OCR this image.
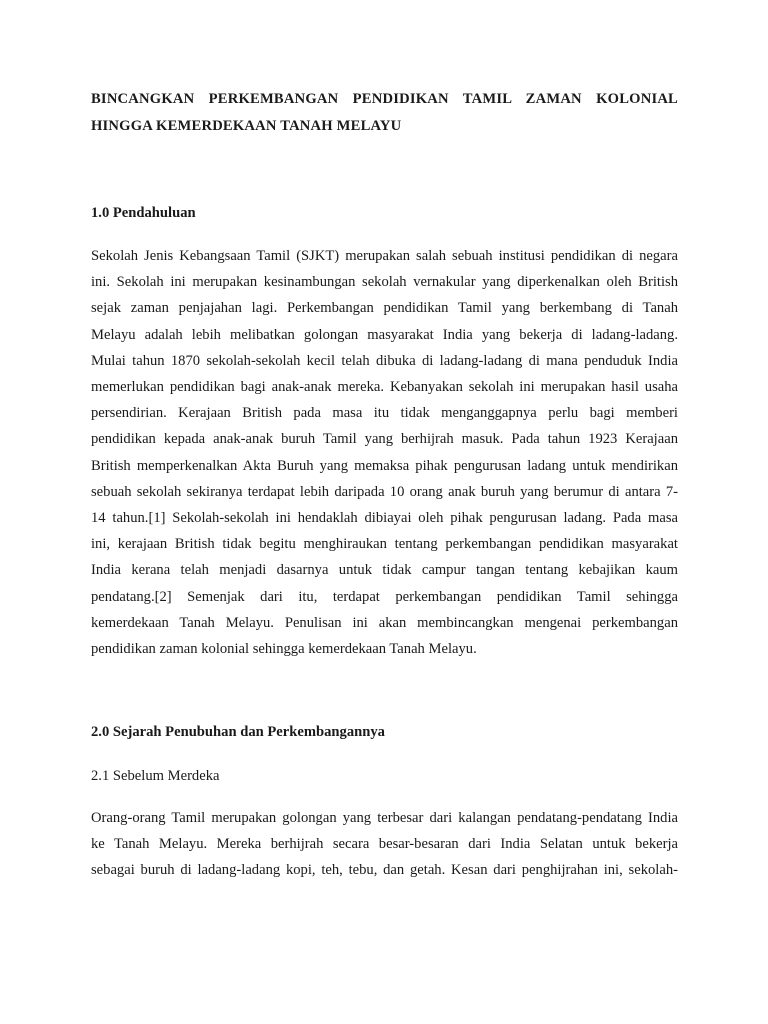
BINCANGKAN PERKEMBANGAN PENDIDIKAN TAMIL ZAMAN KOLONIAL
HINGGA KEMERDEKAAN TANAH MELAYU
1.0 Pendahuluan
Sekolah Jenis Kebangsaan Tamil (SJKT) merupakan salah sebuah institusi pendidikan di negara
ini. Sekolah ini merupakan kesinambungan sekolah vernakular yang diperkenalkan oleh British
sejak zaman penjajahan lagi. Perkembangan pendidikan Tamil yang berkembang di Tanah
Melayu adalah lebih melibatkan golongan masyarakat India yang bekerja di ladang-ladang.
Mulai tahun 1870 sekolah-sekolah kecil telah dibuka di ladang-ladang di mana penduduk India
memerlukan pendidikan bagi anak-anak mereka. Kebanyakan sekolah ini merupakan hasil usaha
persendirian. Kerajaan British pada masa itu tidak menganggapnya perlu bagi memberi
pendidikan kepada anak-anak buruh Tamil yang berhijrah masuk. Pada tahun 1923 Kerajaan
British memperkenalkan Akta Buruh yang memaksa pihak pengurusan ladang untuk mendirikan
sebuah sekolah sekiranya terdapat lebih daripada 10 orang anak buruh yang berumur di antara 7-
14 tahun.[1] Sekolah-sekolah ini hendaklah dibiayai oleh pihak pengurusan ladang. Pada masa
ini, kerajaan British tidak begitu menghiraukan tentang perkembangan pendidikan masyarakat
India kerana telah menjadi dasarnya untuk tidak campur tangan tentang kebajikan kaum
pendatang.[2] Semenjak dari itu, terdapat perkembangan pendidikan Tamil sehingga
kemerdekaan Tanah Melayu. Penulisan ini akan membincangkan mengenai perkembangan
pendidikan zaman kolonial sehingga kemerdekaan Tanah Melayu.
2.0 Sejarah Penubuhan dan Perkembangannya
2.1 Sebelum Merdeka
Orang-orang Tamil merupakan golongan yang terbesar dari kalangan pendatang-pendatang India
ke Tanah Melayu. Mereka berhijrah secara besar-besaran dari India Selatan untuk bekerja
sebagai buruh di ladang-ladang kopi, teh, tebu, dan getah. Kesan dari penghijrahan ini, sekolah-
